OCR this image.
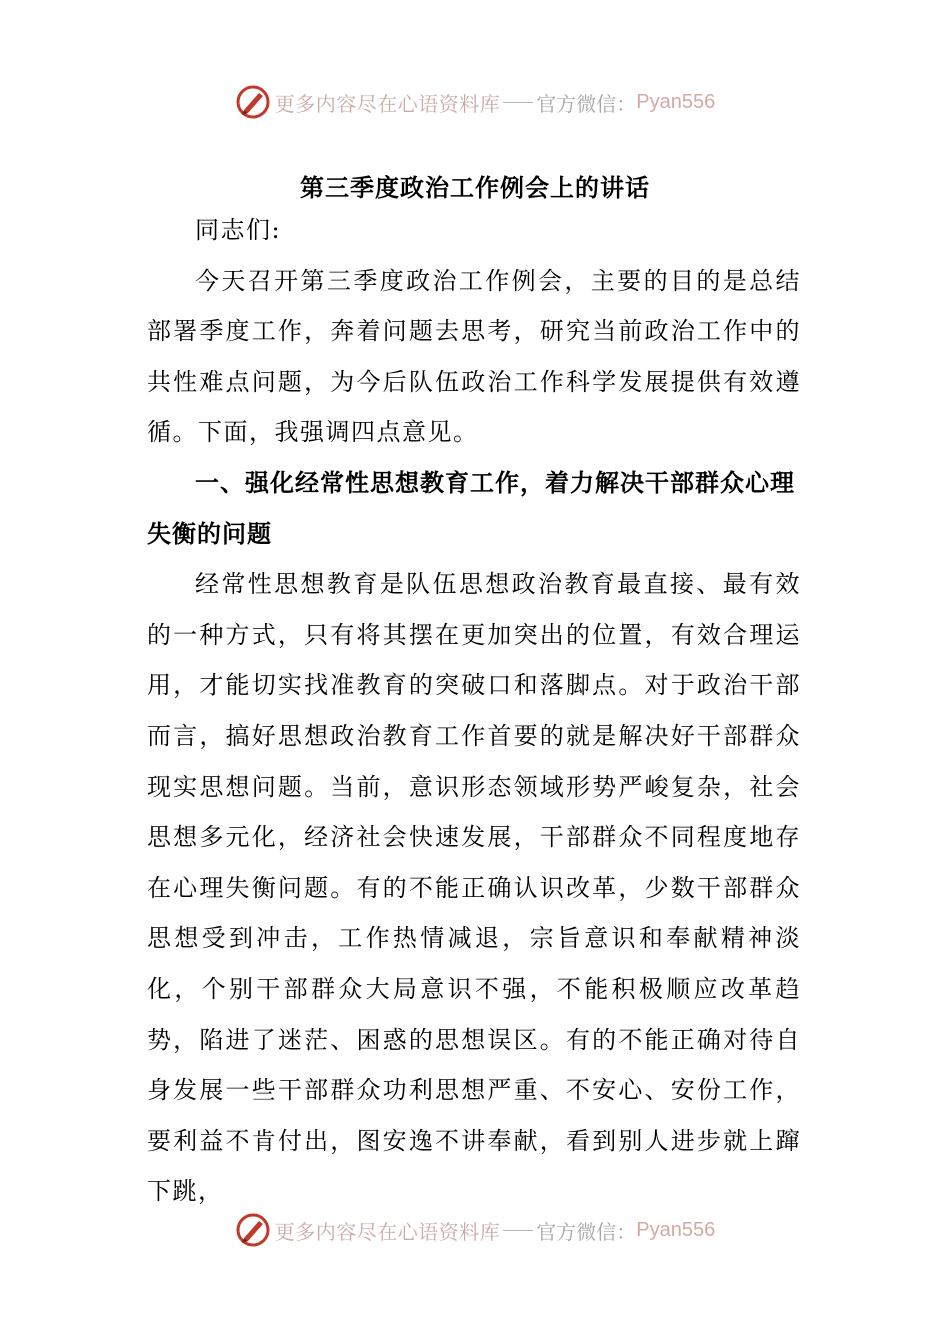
更多内容尽在心语资料库 官方微信： Pyan556
第三季度政治工作例会上的讲话

同志们:

今天召开第三季度政治工作例会，主要的目的是总结部署季度工作，奔着问题去思考，研究当前政治工作中的共性难点问题，为今后队伍政治工作科学发展提供有效遵循。下面，我强调四点意见。

一、强化经常性思想教育工作，着力解决干部群众心理失衡的问题

经常性思想教育是队伍思想政治教育最直接、最有效的一种方式，只有将其摆在更加突出的位置，有效合理运用，才能切实找准教育的突破口和落脚点。对于政治干部而言，搞好思想政治教育工作首要的就是解决好干部群众现实思想问题。当前，意识形态领域形势严峻复杂，社会思想多元化，经济社会快速发展，干部群众不同程度地存在心理失衡问题。有的不能正确认识改革，少数干部群众思想受到冲击，工作热情减退，宗旨意识和奉献精神淡化，个别干部群众大局意识不强，不能积极顺应改革趋势，陷进了迷茫、困惑的思想误区。有的不能正确对待自身发展一些干部群众功利思想严重、不安心、安份工作，要利益不肯付出，图安逸不讲奉献，看到别人进步就上蹿下跳，

更多内容尽在心语资料库 官方微信： Pyan556
